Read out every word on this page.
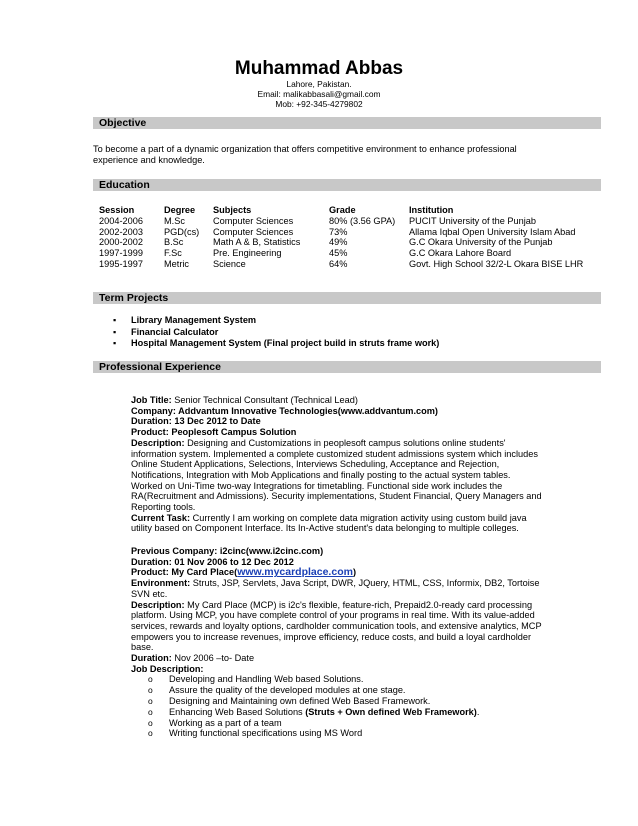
Muhammad Abbas
Lahore, Pakistan.
Email: malikabbasali@gmail.com
Mob: +92-345-4279802
Objective
To become a part of a dynamic organization that offers competitive environment to enhance professional experience and knowledge.
Education
Session	Degree	Subjects	Grade	Institution
2004-2006	M.Sc	Computer Sciences	80% (3.56 GPA)	PUCIT University of the Punjab
2002-2003	PGD(cs)	Computer Sciences	73%	Allama Iqbal Open University Islam Abad
2000-2002	B.Sc	Math A & B, Statistics	49%	G.C Okara University of the Punjab
1997-1999	F.Sc	Pre. Engineering	45%	G.C Okara Lahore Board
1995-1997	Metric	Science	64%	Govt. High School 32/2-L Okara BISE LHR
Term Projects
▪ Library Management System
▪ Financial Calculator
▪ Hospital Management System (Final project build in struts frame work)
Professional Experience

Job Title: Senior Technical Consultant (Technical Lead)

Company: Addvantum Innovative Technologies(www.addvantum.com)

Duration: 13 Dec 2012 to Date

Product: Peoplesoft Campus Solution

Description: Designing and Customizations in peoplesoft campus solutions online students' information system. Implemented a complete customized student admissions system which includes Online Student Applications, Selections, Interviews Scheduling, Acceptance and Rejection, Notifications, Integration with Mob Applications and finally posting to the actual system tables. Worked on Uni-Time two-way Integrations for timetabling. Functional side work includes the RA(Recruitment and Admissions). Security implementations, Student Financial, Query Managers and Reporting tools.

Current Task: Currently I am working on complete data migration activity using custom build java utility based on Component Interface. Its In-Active student's data belonging to multiple colleges.

Previous Company: i2cinc(www.i2cinc.com)

Duration: 01 Nov 2006 to 12 Dec 2012

Product: My Card Place(www.mycardplace.com)

Environment: Struts, JSP, Servlets, Java Script, DWR, JQuery, HTML, CSS, Informix, DB2, Tortoise SVN etc.

Description: My Card Place (MCP) is i2c's flexible, feature-rich, Prepaid2.0-ready card processing platform. Using MCP, you have complete control of your programs in real time. With its value-added services, rewards and loyalty options, cardholder communication tools, and extensive analytics, MCP empowers you to increase revenues, improve efficiency, reduce costs, and build a loyal cardholder base.

Duration: Nov 2006 –to- Date

Job Description:

o Developing and Handling Web based Solutions.
o Assure the quality of the developed modules at one stage.
o Designing and Maintaining own defined Web Based Framework.
o Enhancing Web Based Solutions (Struts + Own defined Web Framework).
o Working as a part of a team
o Writing functional specifications using MS Word
